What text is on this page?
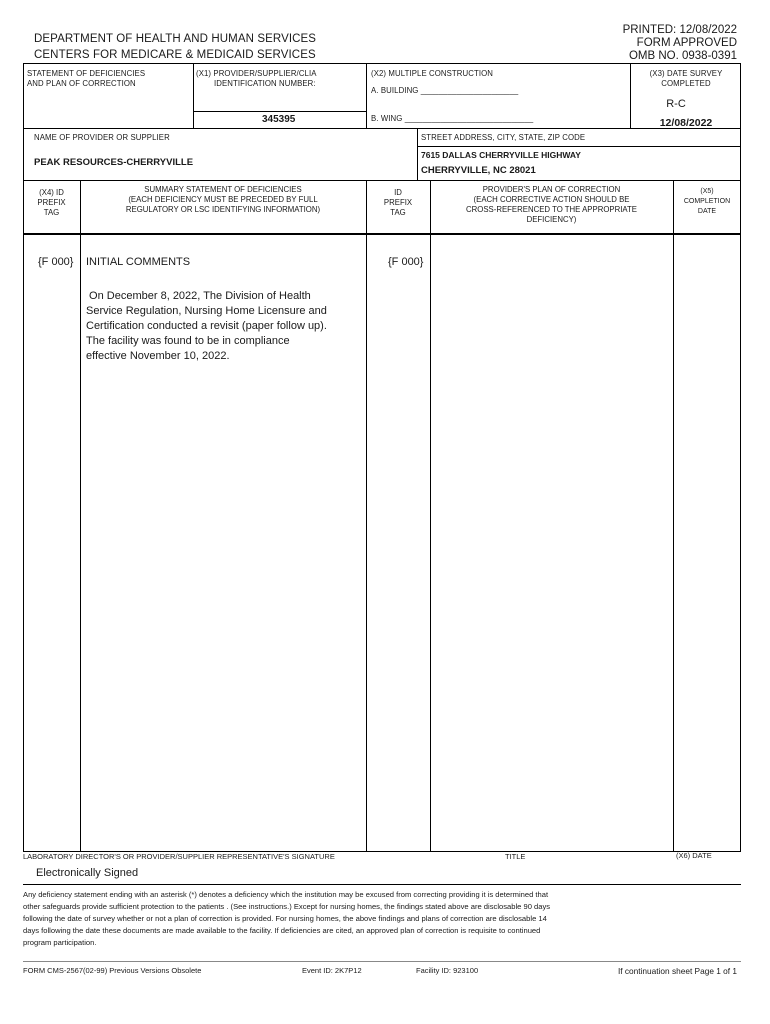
DEPARTMENT OF HEALTH AND HUMAN SERVICES
CENTERS FOR MEDICARE & MEDICAID SERVICES
PRINTED: 12/08/2022
FORM APPROVED
OMB NO. 0938-0391
STATEMENT OF DEFICIENCIES
AND PLAN OF CORRECTION
(X1) PROVIDER/SUPPLIER/CLIA
IDENTIFICATION NUMBER:
345395
(X2) MULTIPLE CONSTRUCTION
A. BUILDING ______________________
B. WING _____________________________
(X3) DATE SURVEY
COMPLETED
R-C
12/08/2022
NAME OF PROVIDER OR SUPPLIER
PEAK RESOURCES-CHERRYVILLE
STREET ADDRESS, CITY, STATE, ZIP CODE
7615 DALLAS CHERRYVILLE HIGHWAY
CHERRYVILLE, NC 28021
(X4) ID
PREFIX
TAG
SUMMARY STATEMENT OF DEFICIENCIES
(EACH DEFICIENCY MUST BE PRECEDED BY FULL
REGULATORY OR LSC IDENTIFYING INFORMATION)
ID
PREFIX
TAG
PROVIDER'S PLAN OF CORRECTION
(EACH CORRECTIVE ACTION SHOULD BE
CROSS-REFERENCED TO THE APPROPRIATE
DEFICIENCY)
(X5)
COMPLETION
DATE
{F 000} INITIAL COMMENTS	{F 000}
On December 8, 2022, The Division of Health
Service Regulation, Nursing Home Licensure and
Certification conducted a revisit (paper follow up).
The facility was found to be in compliance
effective November 10, 2022.
LABORATORY DIRECTOR'S OR PROVIDER/SUPPLIER REPRESENTATIVE'S SIGNATURE	TITLE	(X6) DATE
Electronically Signed
Any deficiency statement ending with an asterisk (*) denotes a deficiency which the institution may be excused from correcting providing it is determined that
other safeguards provide sufficient protection to the patients . (See instructions.) Except for nursing homes, the findings stated above are disclosable 90 days
following the date of survey whether or not a plan of correction is provided. For nursing homes, the above findings and plans of correction are disclosable 14
days following the date these documents are made available to the facility. If deficiencies are cited, an approved plan of correction is requisite to continued
program participation.
FORM CMS-2567(02-99) Previous Versions Obsolete	Event ID: 2K7P12	Facility ID: 923100	If continuation sheet Page 1 of 1
